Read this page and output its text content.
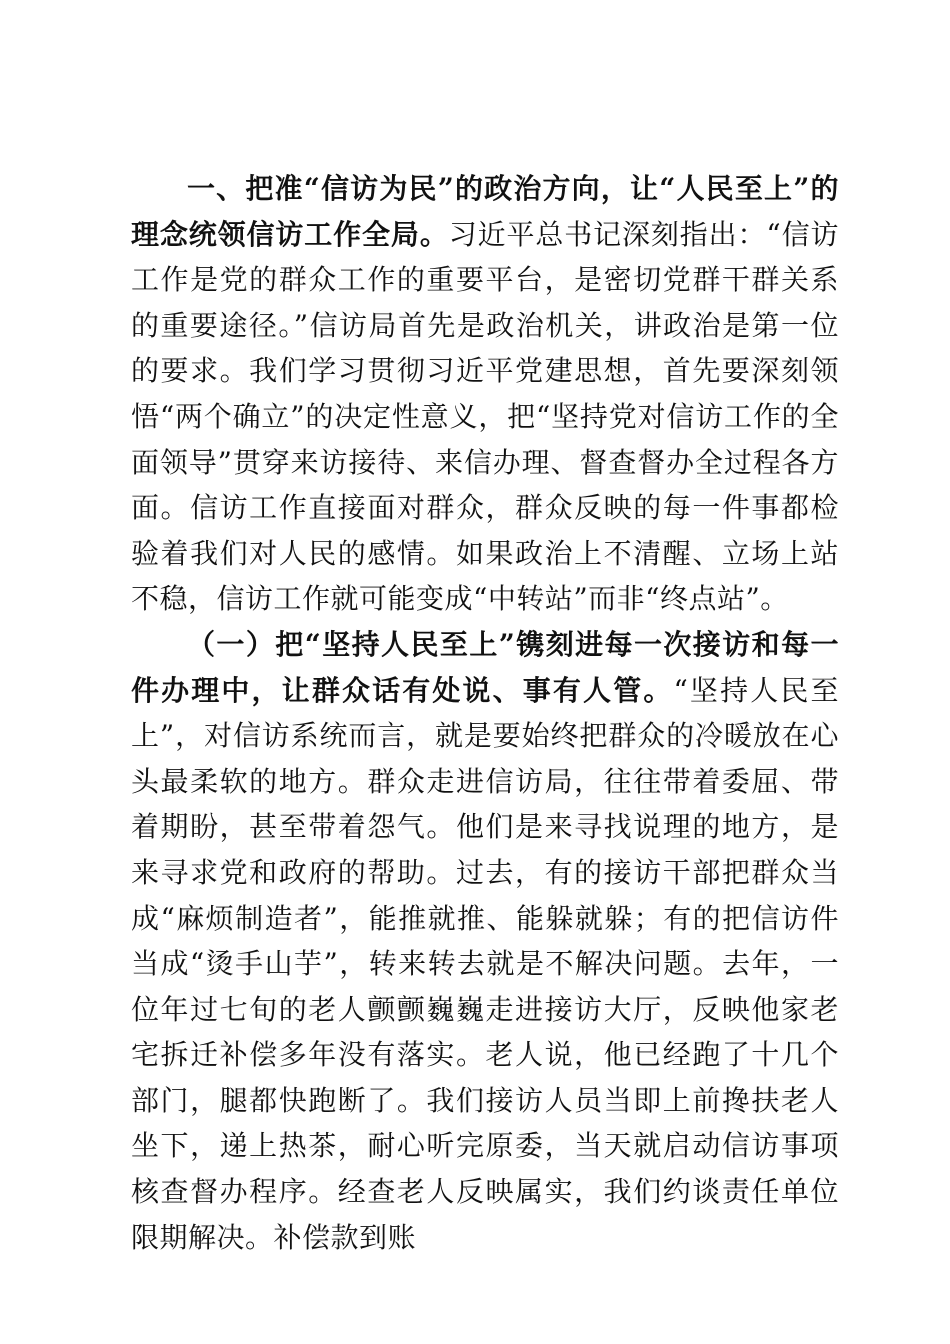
一、把准“信访为民”的政治方向，让“人民至上”的理念统领信访工作全局。习近平总书记深刻指出：“信访工作是党的群众工作的重要平台，是密切党群干群关系的重要途径。”信访局首先是政治机关，讲政治是第一位的要求。我们学习贯彻习近平党建思想，首先要深刻领悟“两个确立”的决定性意义，把“坚持党对信访工作的全面领导”贯穿来访接待、来信办理、督查督办全过程各方面。信访工作直接面对群众，群众反映的每一件事都检验着我们对人民的感情。如果政治上不清醒、立场上站不稳，信访工作就可能变成“中转站”而非“终点站”。

（一）把“坚持人民至上”镌刻进每一次接访和每一件办理中，让群众话有处说、事有人管。“坚持人民至上”，对信访系统而言，就是要始终把群众的冷暖放在心头最柔软的地方。群众走进信访局，往往带着委屈、带着期盼，甚至带着怨气。他们是来寻找说理的地方，是来寻求党和政府的帮助。过去，有的接访干部把群众当成“麻烦制造者”，能推就推、能躲就躲；有的把信访件当成“烫手山芋”，转来转去就是不解决问题。去年，一位年过七旬的老人颤颤巍巍走进接访大厅，反映他家老宅拆迁补偿多年没有落实。老人说，他已经跑了十几个部门，腿都快跑断了。我们接访人员当即上前搀扶老人坐下，递上热茶，耐心听完原委，当天就启动信访事项核查督办程序。经查老人反映属实，我们约谈责任单位限期解决。补偿款到账
